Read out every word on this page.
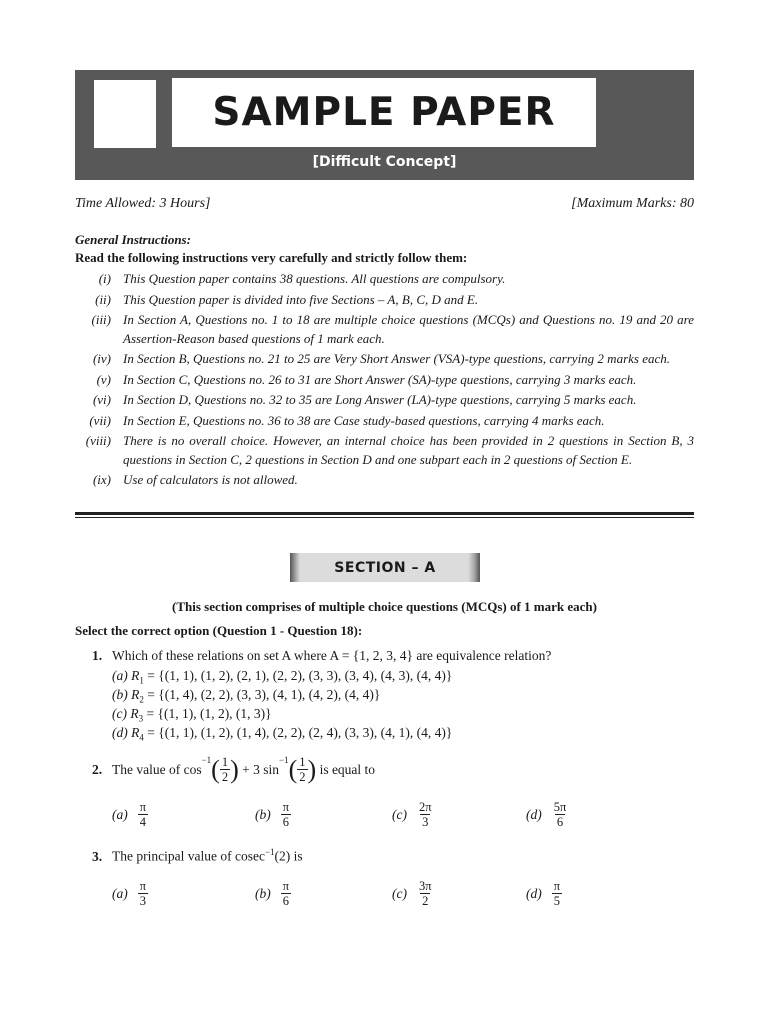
SAMPLE PAPER
[Difficult Concept]
Time Allowed: 3 Hours]	[Maximum Marks: 80
General Instructions:
Read the following instructions very carefully and strictly follow them:
(i) This Question paper contains 38 questions. All questions are compulsory.
(ii) This Question paper is divided into five Sections – A, B, C, D and E.
(iii) In Section A, Questions no. 1 to 18 are multiple choice questions (MCQs) and Questions no. 19 and 20 are Assertion-Reason based questions of 1 mark each.
(iv) In Section B, Questions no. 21 to 25 are Very Short Answer (VSA)-type questions, carrying 2 marks each.
(v) In Section C, Questions no. 26 to 31 are Short Answer (SA)-type questions, carrying 3 marks each.
(vi) In Section D, Questions no. 32 to 35 are Long Answer (LA)-type questions, carrying 5 marks each.
(vii) In Section E, Questions no. 36 to 38 are Case study-based questions, carrying 4 marks each.
(viii) There is no overall choice. However, an internal choice has been provided in 2 questions in Section B, 3 questions in Section C, 2 questions in Section D and one subpart each in 2 questions of Section E.
(ix) Use of calculators is not allowed.
SECTION – A
(This section comprises of multiple choice questions (MCQs) of 1 mark each)
Select the correct option (Question 1 - Question 18):
1. Which of these relations on set A where A = {1, 2, 3, 4} are equivalence relation?
(a) $R_1 = \{(1$, 1), (1, 2), (2, 1), (2, 2), (3, 3), (3, 4), (4, 3), (4, 4)}
(b) $R_2 = \{(1$, 4), (2, 2), (3, 3), (4, 1), (4, 2), (4, 4)}
(c) $R_3 = \{(1$, 1), (1, 2), (1, 3)}
(d) $R_4 = \{(1$, 1), (1, 2), (1, 4), (2, 2), (2, 4), (3, 3), (4, 1), (4, 4)}
2. The value of cos
$^{-1}$ ( $\frac{1}{2}$ ) + 3 sin
$^{-1}$ ( $\frac{1}{2}$ ) is equal to
$(a) \frac{\pi}{4}$	$(b) \frac{\pi}{6}$	$(c) \frac{2\pi}{3}$	$(d) \frac{5\pi}{6}$
3. The principal value of cosec$^{-1}$(2) is
$(a) \frac{\pi}{3}$	$(b) \frac{\pi}{6}$	$(c) \frac{3\pi}{2}$	$(d) \frac{\pi}{5}$
